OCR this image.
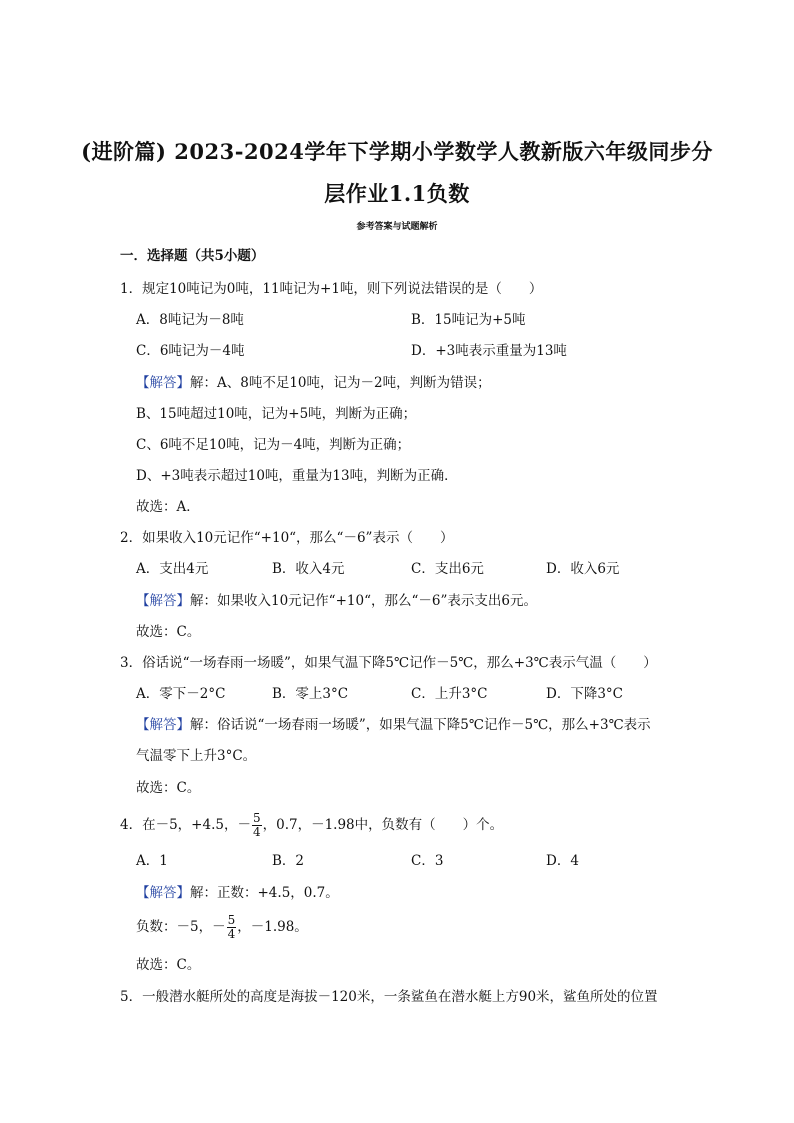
(进阶篇) 2023-2024学年下学期小学数学人教新版六年级同步分
层作业1.1负数
参考答案与试题解析
一．选择题（共5小题）
1．规定10吨记为0吨，11吨记为+1吨，则下列说法错误的是（　　）
A．8吨记为－8吨	B．15吨记为+5吨
C．6吨记为－4吨	D．+3吨表示重量为13吨
【解答】解：A、8吨不足10吨，记为－2吨，判断为错误；
B、15吨超过10吨，记为+5吨，判断为正确；
C、6吨不足10吨，记为－4吨，判断为正确；
D、+3吨表示超过10吨，重量为13吨，判断为正确．
故选：A．
2．如果收入10元记作“+10“，那么“－6”表示（　　）
A．支出4元	B．收入4元	C．支出6元	D．收入6元
【解答】解：如果收入10元记作“+10“，那么“－6”表示支出6元。
故选：C。
3．俗话说“一场春雨一场暖”，如果气温下降5℃记作－5℃，那么+3℃表示气温（　　）
A．零下－2°C	B．零上3°C	C．上升3°C	D．下降3°C
【解答】解：俗话说“一场春雨一场暖”，如果气温下降5℃记作－5℃，那么+3℃表示
气温零下上升3°C。
故选：C。
4．在－5，+4.5，－ $\frac{5}{4}$ ，0.7，－1.98中，负数有（　　）个。
A．1	B．2	C．3	D．4
【解答】解：正数：+4.5，0.7。
负数：－5，－ $\frac{5}{4}$ ，－1.98。
故选：C。
5．一般潜水艇所处的高度是海拔－120米，一条鲨鱼在潜水艇上方90米，鲨鱼所处的位置
